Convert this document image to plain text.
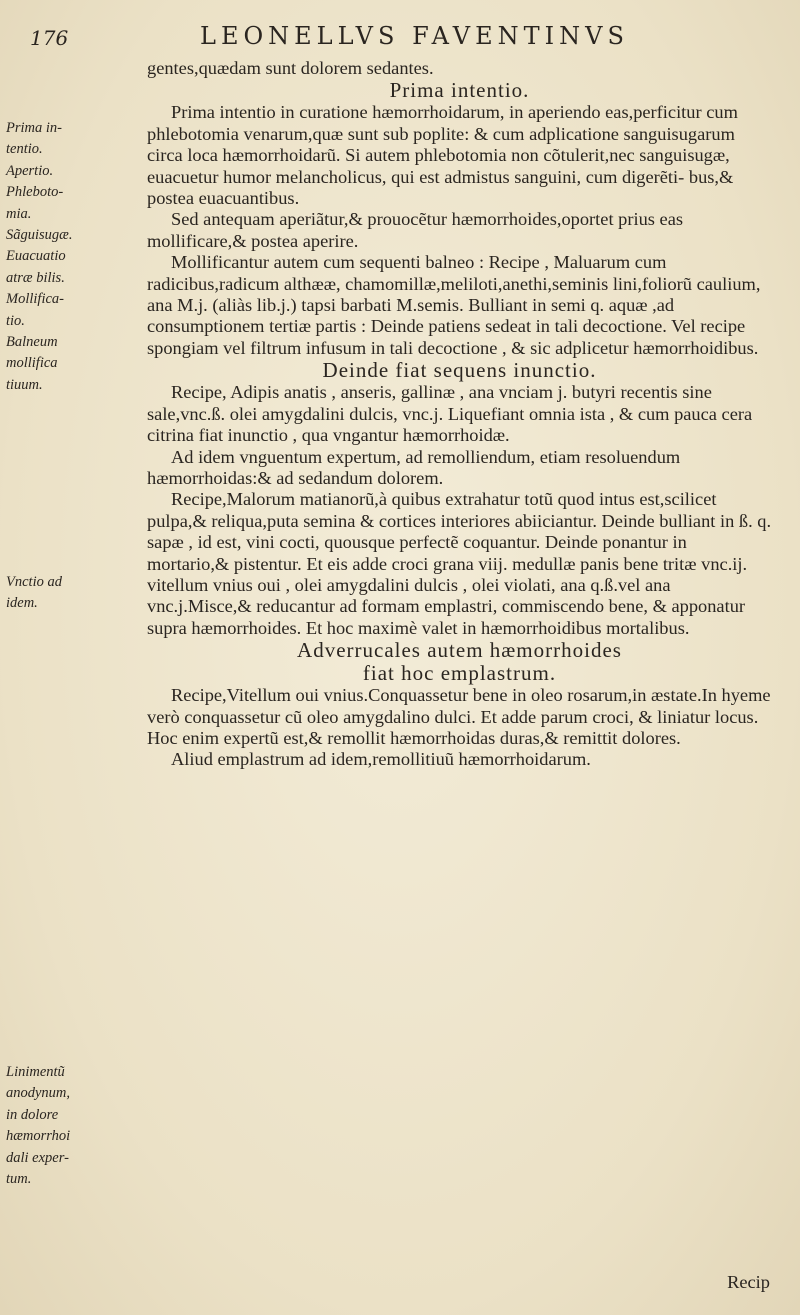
176	LEONELLVS FAVENTINVS
Prima in-
tentio.
Apertio.
Phleboto-
mia.
Sãguisugæ.
Euacuatio
atræ bilis.
Mollifica-
tio.
Balneum
mollifica
tiuum.
Vnctio ad
idem.
Linimentũ
anodynum,
in dolore
hæmorrhoi
dali exper-
tum.

gentes,quædam sunt dolorem sedantes.

Prima intentio.

Prima intentio in curatione hæmorrhoidarum, in aperiendo eas,perficitur cum phlebotomia venarum,quæ sunt sub poplite: & cum adplicatione sanguisugarum circa loca hæmorrhoidarũ. Si autem phlebotomia non cõtulerit,nec sanguisugæ, euacuetur humor melancholicus, qui est admistus sanguini, cum digerẽti- bus,& postea euacuantibus.

Sed antequam aperiãtur,& prouocẽtur hæmorrhoides,oportet prius eas mollificare,& postea aperire.

Mollificantur autem cum sequenti balneo : Recipe , Maluarum cum radicibus,radicum althææ, chamomillæ,meliloti,anethi,seminis lini,foliorũ caulium, ana M.j. (aliàs lib.j.) tapsi barbati M.semis. Bulliant in semi q. aquæ ,ad consumptionem tertiæ partis : Deinde patiens sedeat in tali decoctione. Vel recipe spongiam vel filtrum infusum in tali decoctione , & sic adplicetur hæmorrhoidibus.

Deinde fiat sequens inunctio.

Recipe, Adipis anatis , anseris, gallinæ , ana vnciam j. butyri recentis sine sale,vnc.ß. olei amygdalini dulcis, vnc.j. Liquefiant omnia ista , & cum pauca cera citrina fiat inunctio , qua vngantur hæmorrhoidæ.

Ad idem vnguentum expertum, ad remolliendum, etiam resoluendum hæmorrhoidas:& ad sedandum dolorem.

Recipe,Malorum matianorũ,à quibus extrahatur totũ quod intus est,scilicet pulpa,& reliqua,puta semina & cortices interiores abiiciantur. Deinde bulliant in ß. q. sapæ , id est, vini cocti, quousque perfectẽ coquantur. Deinde ponantur in mortario,& pistentur. Et eis adde croci grana viij. medullæ panis bene tritæ vnc.ij. vitellum vnius oui , olei amygdalini dulcis , olei violati, ana q.ß.vel ana vnc.j.Misce,& reducantur ad formam emplastri, commiscendo bene, & apponatur supra hæmorrhoides. Et hoc maximè valet in hæmorrhoidibus mortalibus.

Adverrucales autem hæmorrhoides

fiat hoc emplastrum.

Recipe,Vitellum oui vnius.Conquassetur bene in oleo rosarum,in æstate.In hyeme verò conquassetur cũ oleo amygdalino dulci. Et adde parum croci, & liniatur locus. Hoc enim expertũ est,& remollit hæmorrhoidas duras,& remittit dolores.

Aliud emplastrum ad idem,remollitiuũ hæmorrhoidarum.

Recip
